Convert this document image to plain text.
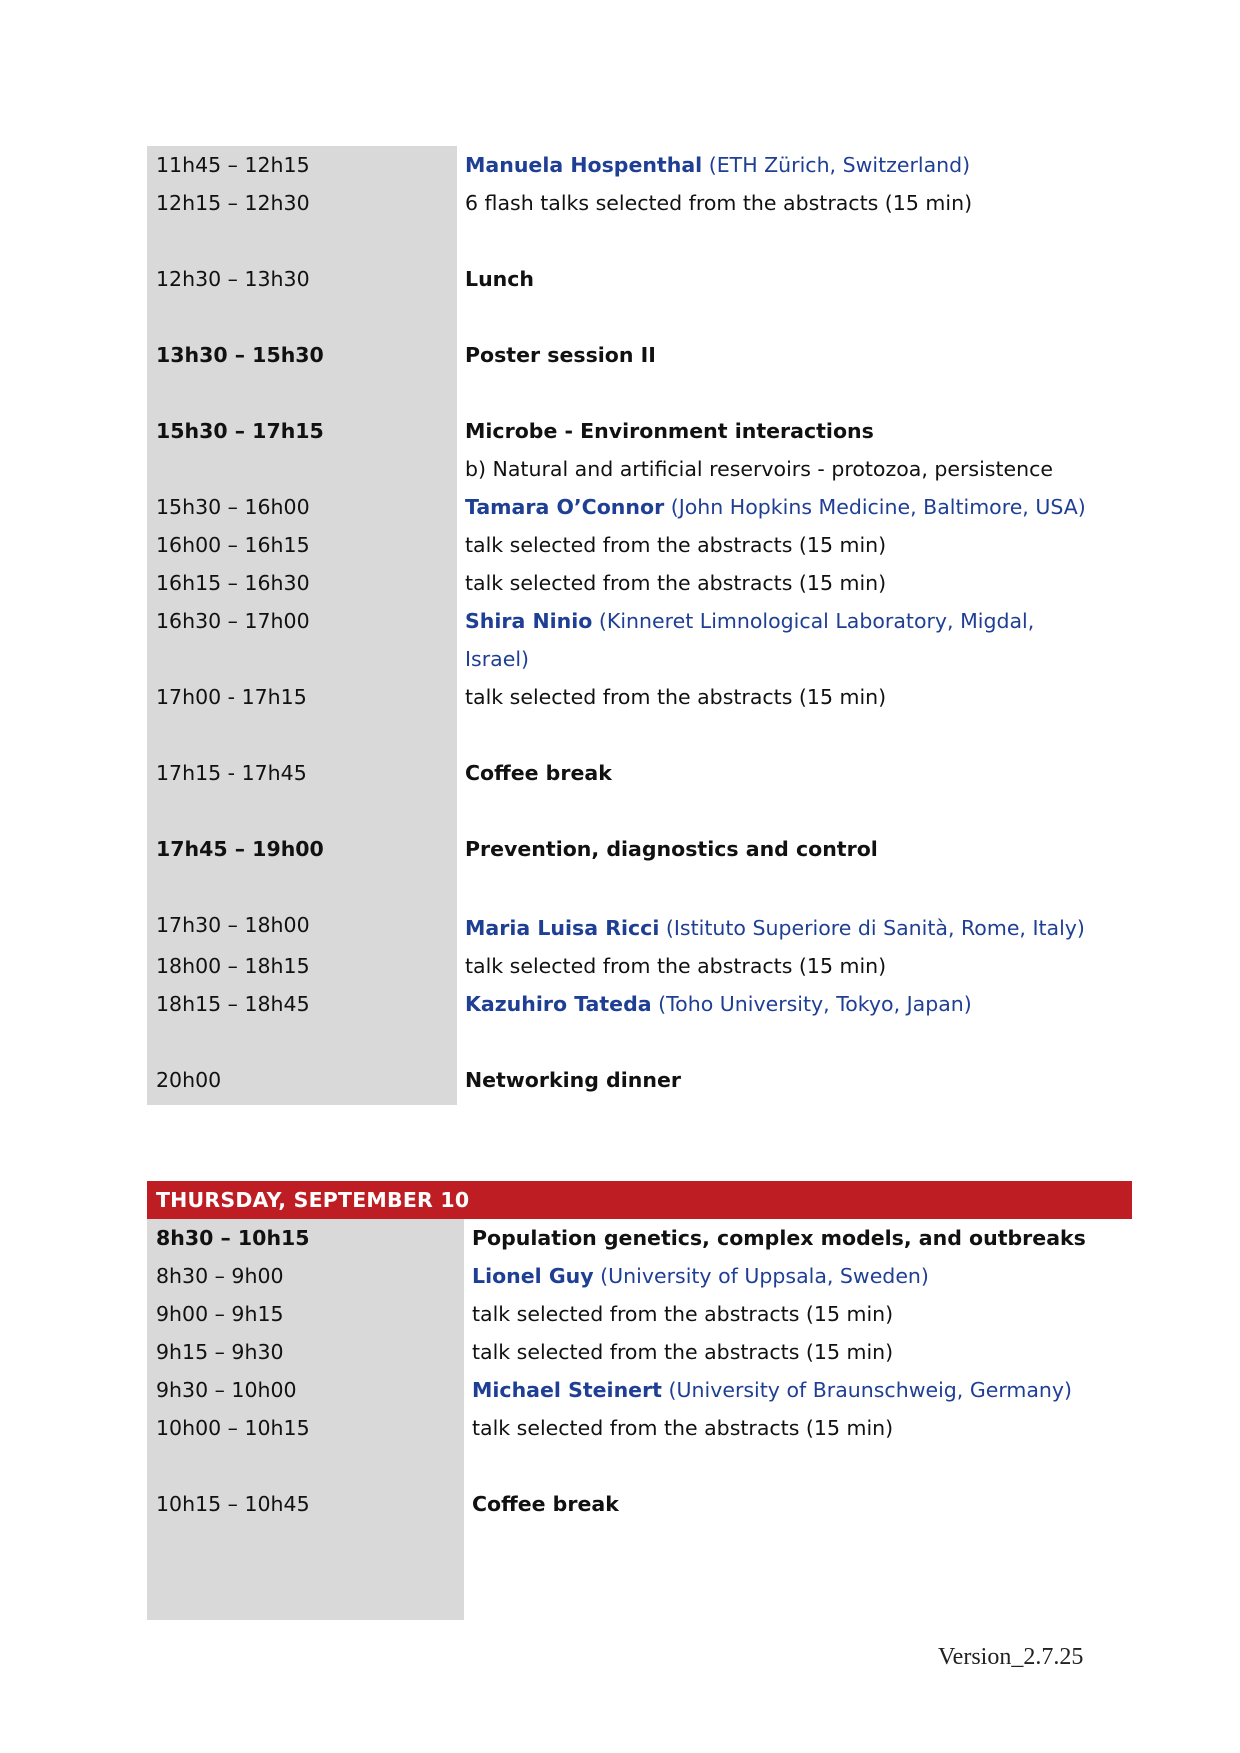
11h45 – 12h15	Manuela Hospenthal (ETH Zürich, Switzerland)
12h15 – 12h30	6 flash talks selected from the abstracts (15 min)
12h30 – 13h30	Lunch
13h30 – 15h30	Poster session II
15h30 – 17h15	Microbe - Environment interactions
b) Natural and artificial reservoirs - protozoa, persistence
15h30 – 16h00	Tamara O’Connor (John Hopkins Medicine, Baltimore, USA)
16h00 – 16h15	talk selected from the abstracts (15 min)
16h15 – 16h30	talk selected from the abstracts (15 min)
16h30 – 17h00	Shira Ninio (Kinneret Limnological Laboratory, Migdal,
Israel)
17h00 - 17h15	talk selected from the abstracts (15 min)
17h15 - 17h45	Coffee break
17h45 – 19h00	Prevention, diagnostics and control
17h30 – 18h00	Maria Luisa Ricci (Istituto Superiore di Sanità, Rome, Italy)
18h00 – 18h15	talk selected from the abstracts (15 min)
18h15 – 18h45	Kazuhiro Tateda (Toho University, Tokyo, Japan)
20h00	Networking dinner
THURSDAY, SEPTEMBER 10
8h30 – 10h15	Population genetics, complex models, and outbreaks
8h30 – 9h00	Lionel Guy (University of Uppsala, Sweden)
9h00 – 9h15	talk selected from the abstracts (15 min)
9h15 – 9h30	talk selected from the abstracts (15 min)
9h30 – 10h00	Michael Steinert (University of Braunschweig, Germany)
10h00 – 10h15	talk selected from the abstracts (15 min)
10h15 – 10h45	Coffee break
Version_2.7.25
